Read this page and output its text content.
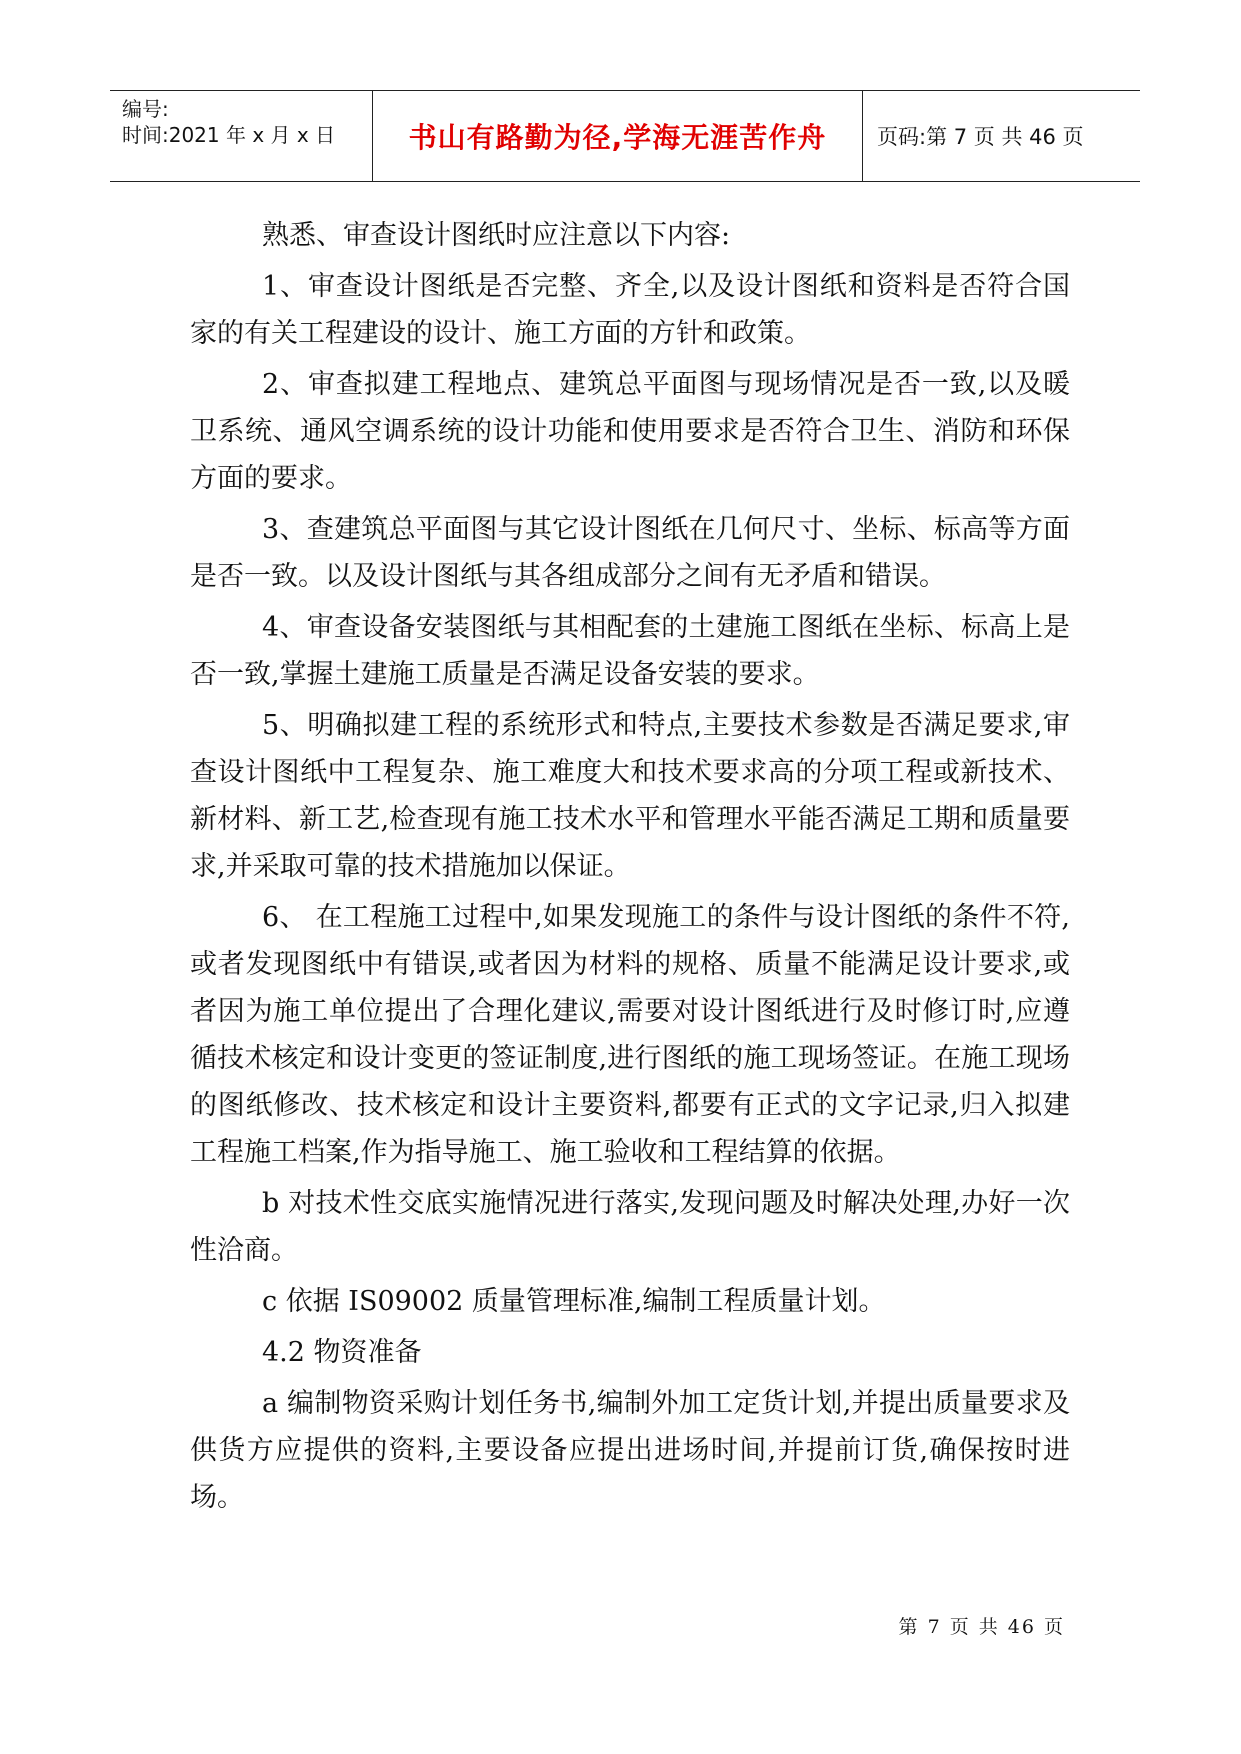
编号:
时间:2021 年 x 月 x 日	书山有路勤为径,学海无涯苦作舟	页码:第 7 页 共 46 页

熟悉、审查设计图纸时应注意以下内容:

1、审查设计图纸是否完整、齐全,以及设计图纸和资料是否符合国家的有关工程建设的设计、施工方面的方针和政策。

2、审查拟建工程地点、建筑总平面图与现场情况是否一致,以及暖卫系统、通风空调系统的设计功能和使用要求是否符合卫生、消防和环保方面的要求。

3、查建筑总平面图与其它设计图纸在几何尺寸、坐标、标高等方面是否一致。以及设计图纸与其各组成部分之间有无矛盾和错误。

4、审查设备安装图纸与其相配套的土建施工图纸在坐标、标高上是否一致,掌握土建施工质量是否满足设备安装的要求。

5、明确拟建工程的系统形式和特点,主要技术参数是否满足要求,审查设计图纸中工程复杂、施工难度大和技术要求高的分项工程或新技术、新材料、新工艺,检查现有施工技术水平和管理水平能否满足工期和质量要求,并采取可靠的技术措施加以保证。

6、 在工程施工过程中,如果发现施工的条件与设计图纸的条件不符,或者发现图纸中有错误,或者因为材料的规格、质量不能满足设计要求,或者因为施工单位提出了合理化建议,需要对设计图纸进行及时修订时,应遵循技术核定和设计变更的签证制度,进行图纸的施工现场签证。在施工现场的图纸修改、技术核定和设计主要资料,都要有正式的文字记录,归入拟建工程施工档案,作为指导施工、施工验收和工程结算的依据。

b 对技术性交底实施情况进行落实,发现问题及时解决处理,办好一次性洽商。

c 依据 IS09002 质量管理标准,编制工程质量计划。

4.2 物资准备

a 编制物资采购计划任务书,编制外加工定货计划,并提出质量要求及供货方应提供的资料,主要设备应提出进场时间,并提前订货,确保按时进场。

第 7 页 共 46 页
